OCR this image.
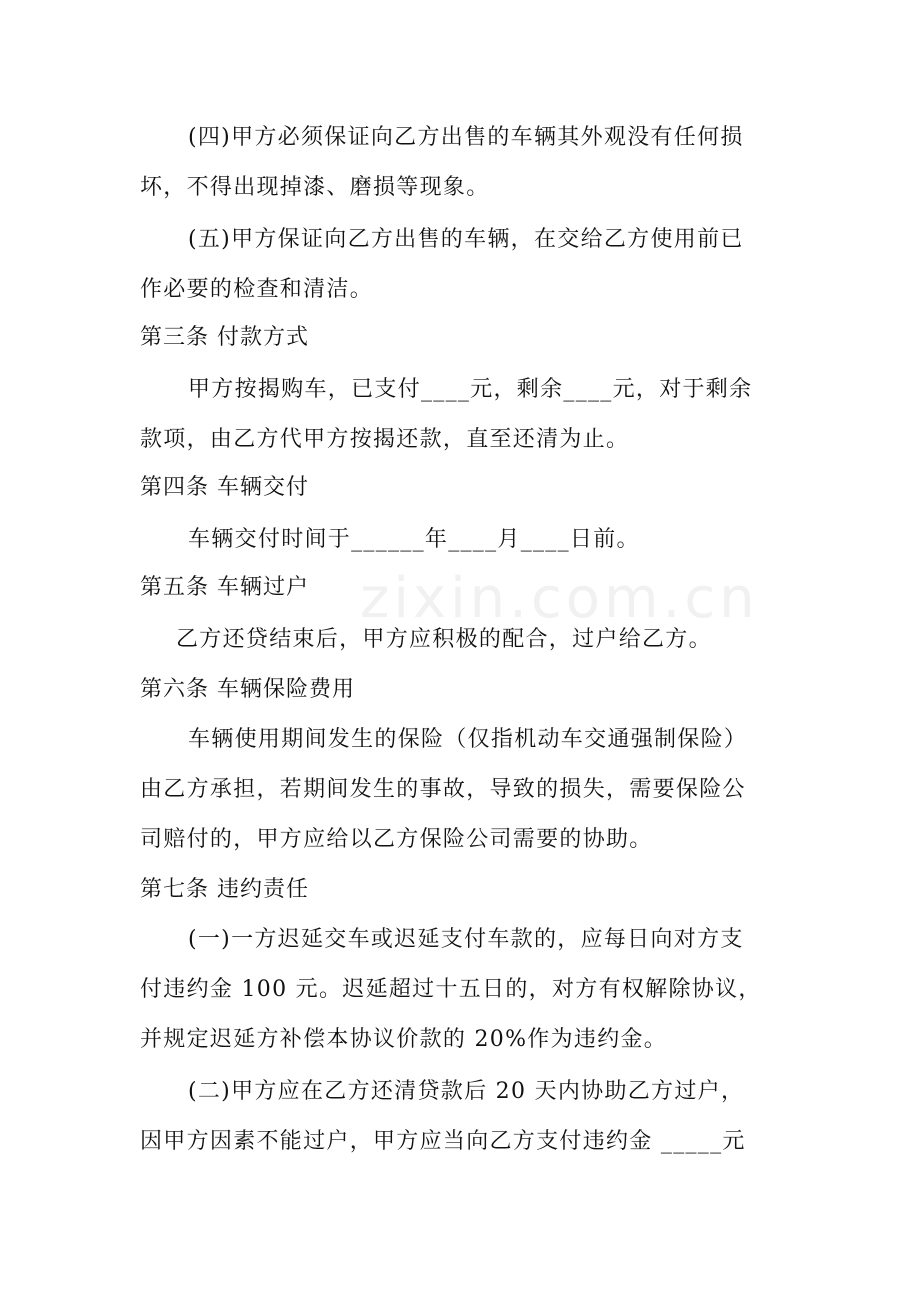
zixin.com.cn
(四)甲方必须保证向乙方出售的车辆其外观没有任何损
坏，不得出现掉漆、磨损等现象。
(五)甲方保证向乙方出售的车辆，在交给乙方使用前已
作必要的检查和清洁。
第三条 付款方式
甲方按揭购车，已支付____元，剩余____元，对于剩余
款项，由乙方代甲方按揭还款，直至还清为止。
第四条 车辆交付
车辆交付时间于______年____月____日前。
第五条 车辆过户
乙方还贷结束后，甲方应积极的配合，过户给乙方。
第六条 车辆保险费用
车辆使用期间发生的保险（仅指机动车交通强制保险）
由乙方承担，若期间发生的事故，导致的损失，需要保险公
司赔付的，甲方应给以乙方保险公司需要的协助。
第七条 违约责任
(一)一方迟延交车或迟延支付车款的，应每日向对方支
付违约金 100 元。迟延超过十五日的，对方有权解除协议，
并规定迟延方补偿本协议价款的 20%作为违约金。
(二)甲方应在乙方还清贷款后 20 天内协助乙方过户，
因甲方因素不能过户，甲方应当向乙方支付违约金 _____元
